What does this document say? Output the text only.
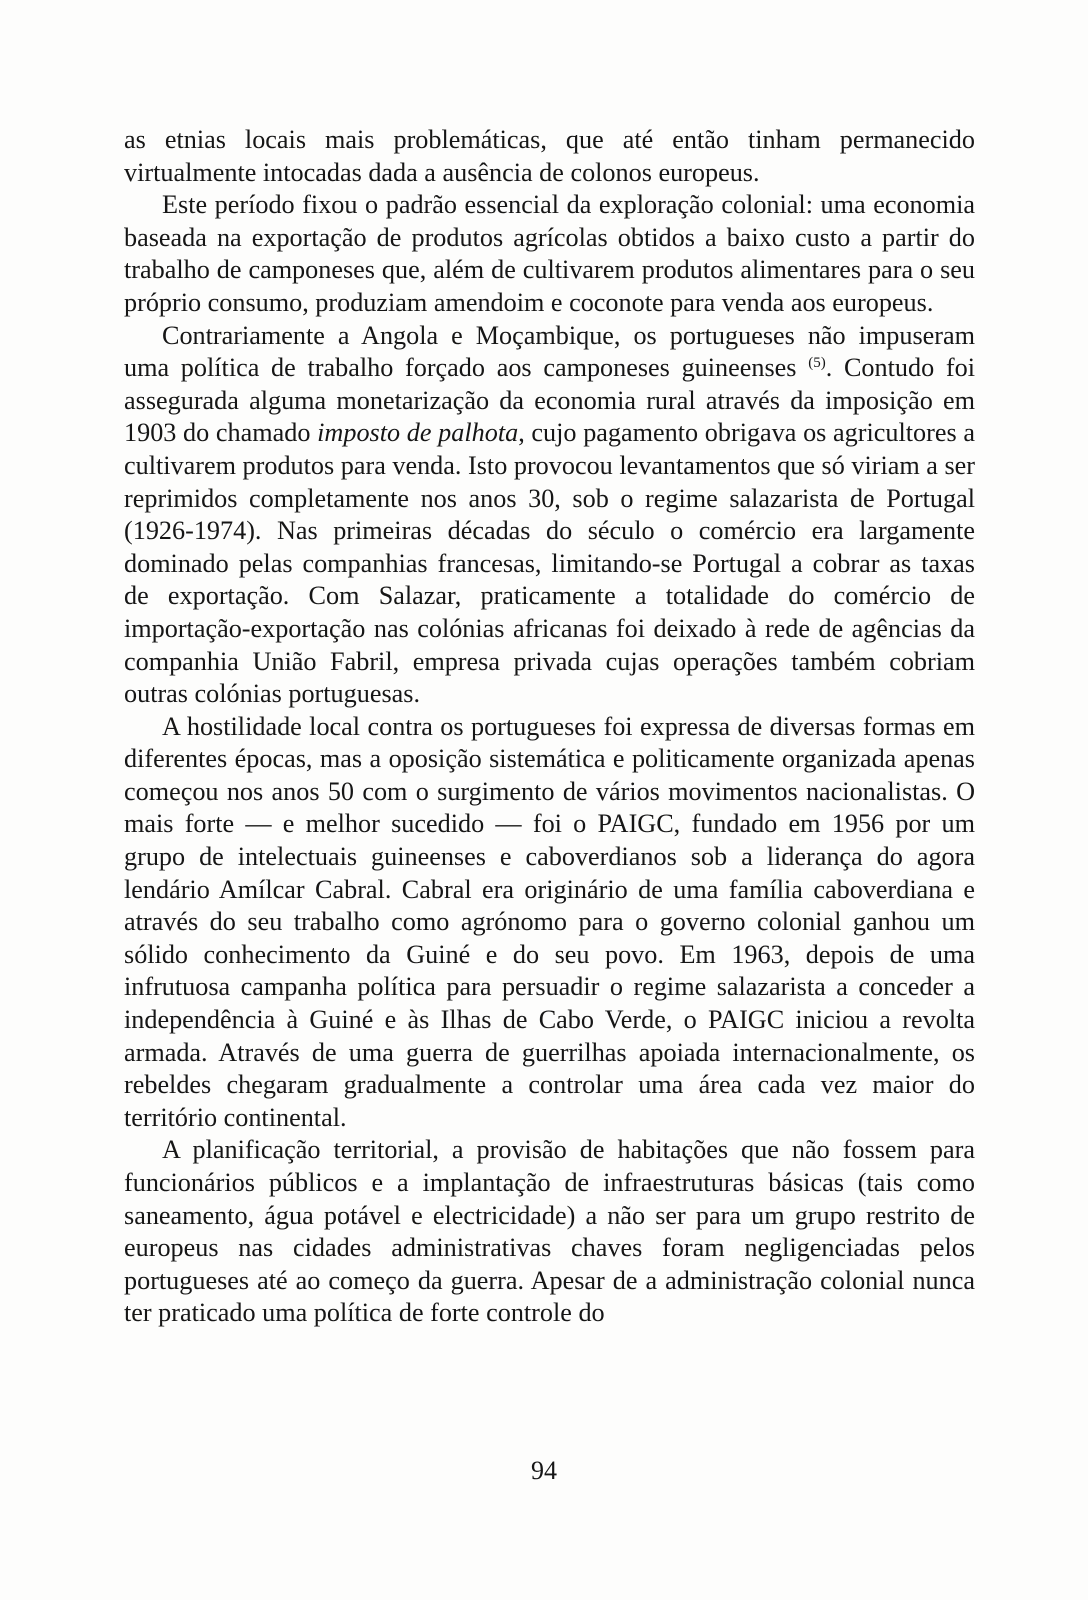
as etnias locais mais problemáticas, que até então tinham permanecido virtualmente intocadas dada a ausência de colonos europeus.

Este período fixou o padrão essencial da exploração colonial: uma economia baseada na exportação de produtos agrícolas obtidos a baixo custo a partir do trabalho de camponeses que, além de cultivarem produtos alimentares para o seu próprio consumo, produziam amendoim e coconote para venda aos europeus.

Contrariamente a Angola e Moçambique, os portugueses não impuseram uma política de trabalho forçado aos camponeses guineenses $^{(5)}$. Contudo foi assegurada alguma monetarização da economia rural através da imposição em 1903 do chamado imposto de palhota, cujo pagamento obrigava os agricultores a cultivarem produtos para venda. Isto provocou levantamentos que só viriam a ser reprimidos completamente nos anos 30, sob o regime salazarista de Portugal (1926-1974). Nas primeiras décadas do século o comércio era largamente dominado pelas companhias francesas, limitando-se Portugal a cobrar as taxas de exportação. Com Salazar, praticamente a totalidade do comércio de importação-exportação nas colónias africanas foi deixado à rede de agências da companhia União Fabril, empresa privada cujas operações também cobriam outras colónias portuguesas.

A hostilidade local contra os portugueses foi expressa de diversas formas em diferentes épocas, mas a oposição sistemática e politicamente organizada apenas começou nos anos 50 com o surgimento de vários movimentos nacionalistas. O mais forte — e melhor sucedido — foi o PAIGC, fundado em 1956 por um grupo de intelectuais guineenses e caboverdianos sob a liderança do agora lendário Amílcar Cabral. Cabral era originário de uma família caboverdiana e através do seu trabalho como agrónomo para o governo colonial ganhou um sólido conhecimento da Guiné e do seu povo. Em 1963, depois de uma infrutuosa campanha política para persuadir o regime salazarista a conceder a independência à Guiné e às Ilhas de Cabo Verde, o PAIGC iniciou a revolta armada. Através de uma guerra de guerrilhas apoiada internacionalmente, os rebeldes chegaram gradualmente a controlar uma área cada vez maior do território continental.

A planificação territorial, a provisão de habitações que não fossem para funcionários públicos e a implantação de infraestruturas básicas (tais como saneamento, água potável e electricidade) a não ser para um grupo restrito de europeus nas cidades administrativas chaves foram negligenciadas pelos portugueses até ao começo da guerra. Apesar de a administração colonial nunca ter praticado uma política de forte controle do

94
